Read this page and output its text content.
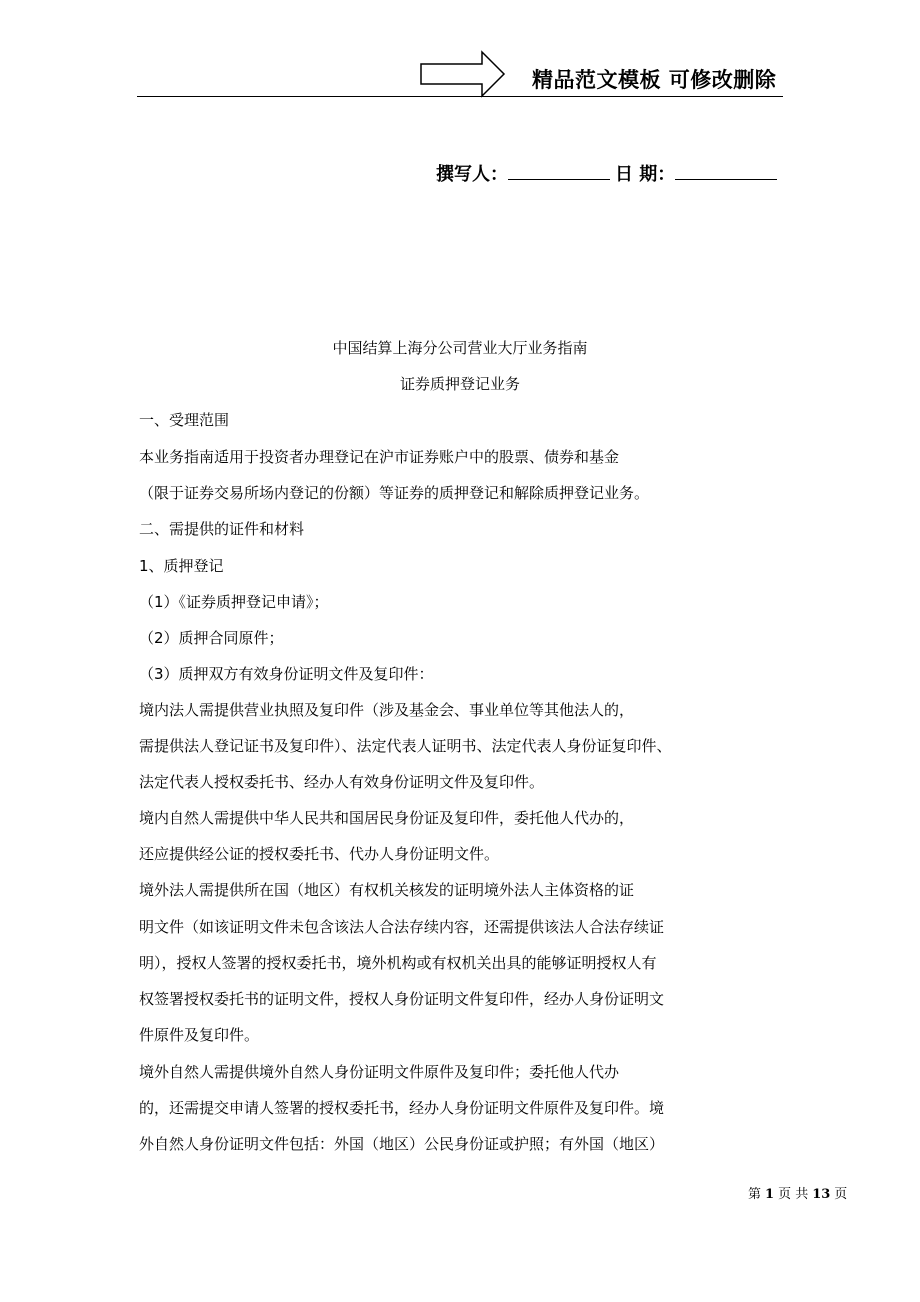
精品范文模板 可修改删除
撰写人：	日 期：
中国结算上海分公司营业大厅业务指南
证券质押登记业务
一、受理范围
本业务指南适用于投资者办理登记在沪市证券账户中的股票、债券和基金
（限于证券交易所场内登记的份额）等证券的质押登记和解除质押登记业务。
二、需提供的证件和材料
1、质押登记
（1）《证券质押登记申请》；
（2）质押合同原件；
（3）质押双方有效身份证明文件及复印件：
境内法人需提供营业执照及复印件（涉及基金会、事业单位等其他法人的，
需提供法人登记证书及复印件）、法定代表人证明书、法定代表人身份证复印件、
法定代表人授权委托书、经办人有效身份证明文件及复印件。
境内自然人需提供中华人民共和国居民身份证及复印件，委托他人代办的，
还应提供经公证的授权委托书、代办人身份证明文件。
境外法人需提供所在国（地区）有权机关核发的证明境外法人主体资格的证
明文件（如该证明文件未包含该法人合法存续内容，还需提供该法人合法存续证
明），授权人签署的授权委托书，境外机构或有权机关出具的能够证明授权人有
权签署授权委托书的证明文件，授权人身份证明文件复印件，经办人身份证明文
件原件及复印件。
境外自然人需提供境外自然人身份证明文件原件及复印件；委托他人代办
的，还需提交申请人签署的授权委托书，经办人身份证明文件原件及复印件。境
外自然人身份证明文件包括：外国（地区）公民身份证或护照；有外国（地区）
第 1 页 共 13 页
